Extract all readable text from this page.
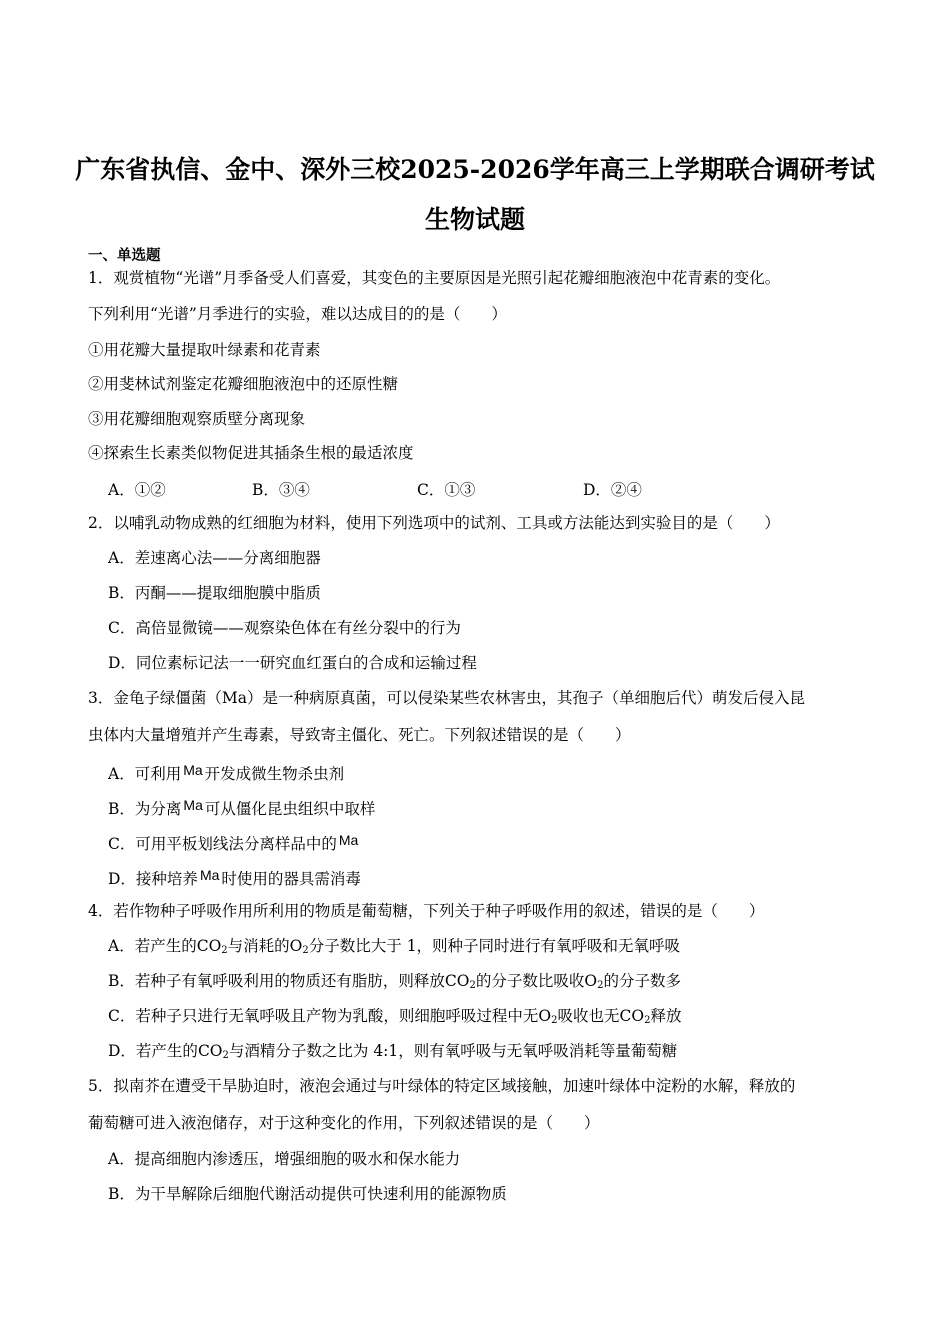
广东省执信、金中、深外三校2025-2026学年高三上学期联合调研考试
生物试题
一、单选题
1．观赏植物“光谱”月季备受人们喜爱，其变色的主要原因是光照引起花瓣细胞液泡中花青素的变化。
下列利用“光谱”月季进行的实验，难以达成目的的是（　　）
①用花瓣大量提取叶绿素和花青素
②用斐林试剂鉴定花瓣细胞液泡中的还原性糖
③用花瓣细胞观察质壁分离现象
④探索生长素类似物促进其插条生根的最适浓度
A．①②	B．③④	C．①③	D．②④
2．以哺乳动物成熟的红细胞为材料，使用下列选项中的试剂、工具或方法能达到实验目的是（　　）
A．差速离心法——分离细胞器
B．丙酮——提取细胞膜中脂质
C．高倍显微镜——观察染色体在有丝分裂中的行为
D．同位素标记法一一研究血红蛋白的合成和运输过程
3．金龟子绿僵菌（Ma）是一种病原真菌，可以侵染某些农林害虫，其孢子（单细胞后代）萌发后侵入昆
虫体内大量增殖并产生毒素，导致寄主僵化、死亡。下列叙述错误的是（　　）
A．可利用 Ma 开发成微生物杀虫剂
B．为分离 Ma 可从僵化昆虫组织中取样
C．可用平板划线法分离样品中的 Ma
D．接种培养 Ma 时使用的器具需消毒
4．若作物种子呼吸作用所利用的物质是葡萄糖，下列关于种子呼吸作用的叙述，错误的是（　　）
A．若产生的$CO_2$与消耗的$O_2$分子数比大于 1，则种子同时进行有氧呼吸和无氧呼吸
B．若种子有氧呼吸利用的物质还有脂肪，则释放$CO_2$的分子数比吸收$O_2$的分子数多
C．若种子只进行无氧呼吸且产物为乳酸，则细胞呼吸过程中无$O_2$吸收也无$CO_2$释放
D．若产生的$CO_2$与酒精分子数之比为 4:1，则有氧呼吸与无氧呼吸消耗等量葡萄糖
5．拟南芥在遭受干旱胁迫时，液泡会通过与叶绿体的特定区域接触，加速叶绿体中淀粉的水解，释放的
葡萄糖可进入液泡储存，对于这种变化的作用，下列叙述错误的是（　　）
A．提高细胞内渗透压，增强细胞的吸水和保水能力
B．为干旱解除后细胞代谢活动提供可快速利用的能源物质
